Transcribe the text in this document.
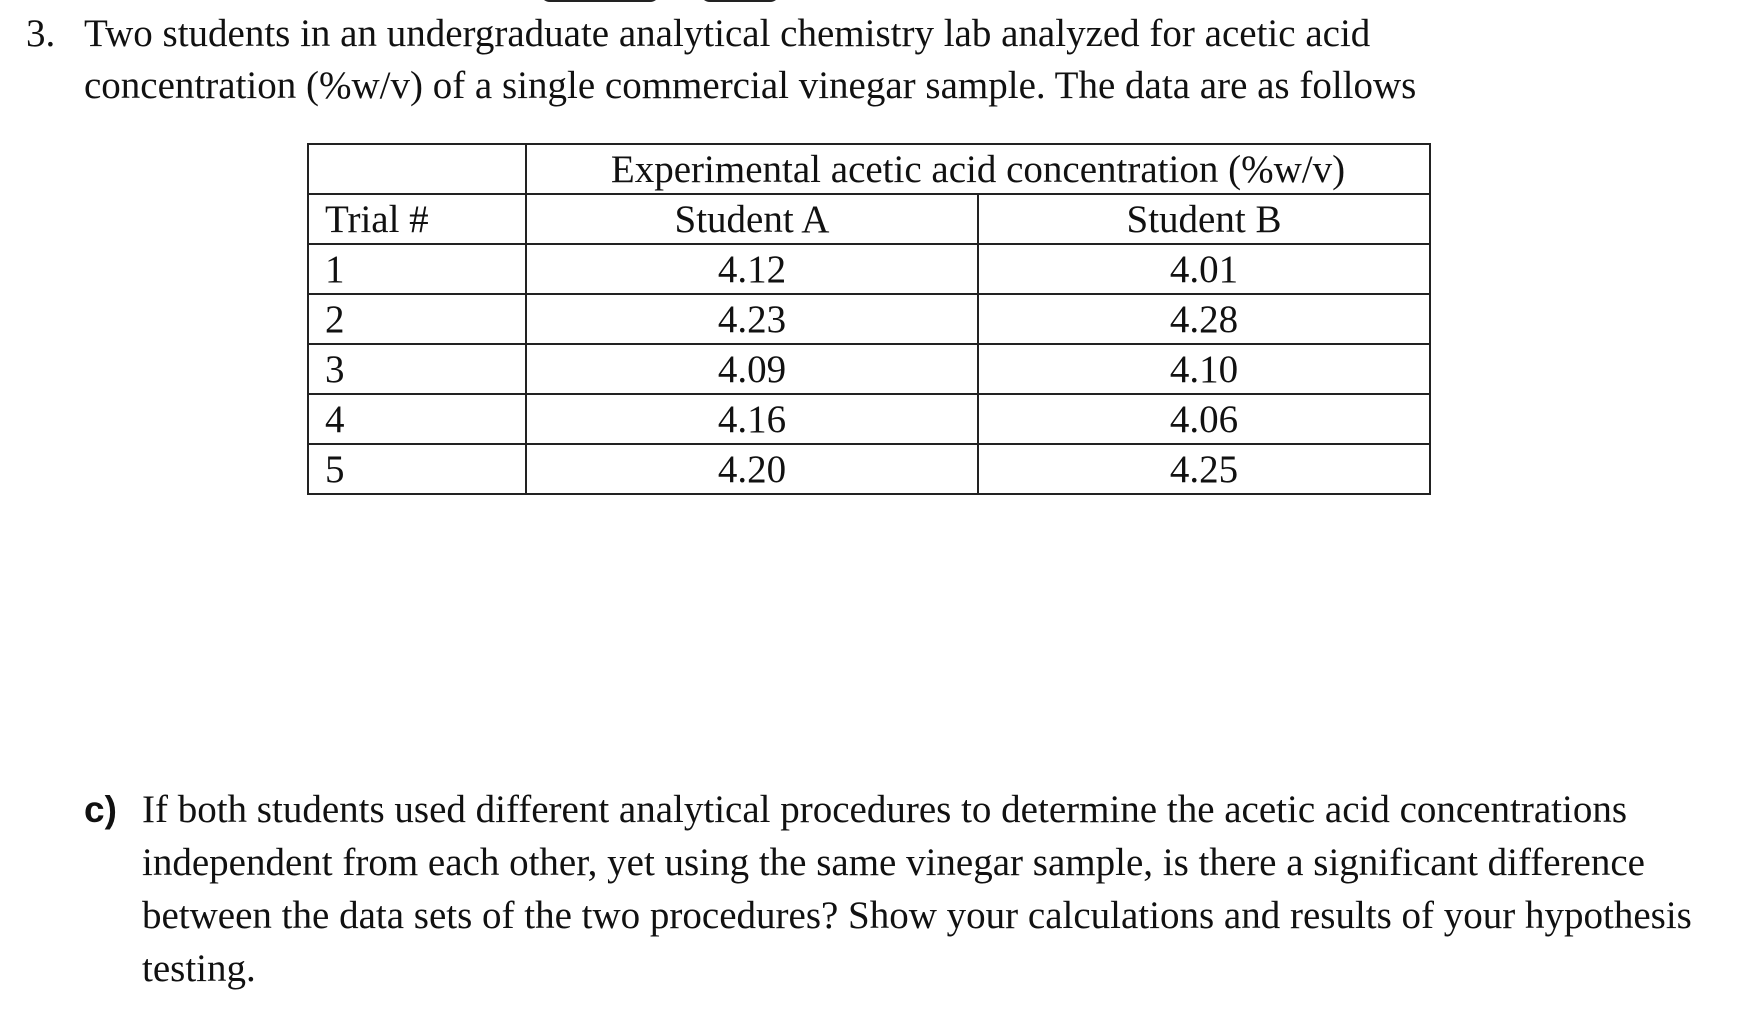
3. Two students in an undergraduate analytical chemistry lab analyzed for acetic acid concentration (%w/v) of a single commercial vinegar sample. The data are as follows
	Experimental acetic acid concentration (%w/v)	
Trial #	Student A	Student B
1	4.12	4.01
2	4.23	4.28
3	4.09	4.10
4	4.16	4.06
5	4.20	4.25
c) If both students used different analytical procedures to determine the acetic acid concentrations independent from each other, yet using the same vinegar sample, is there a significant difference between the data sets of the two procedures? Show your calculations and results of your hypothesis testing.
